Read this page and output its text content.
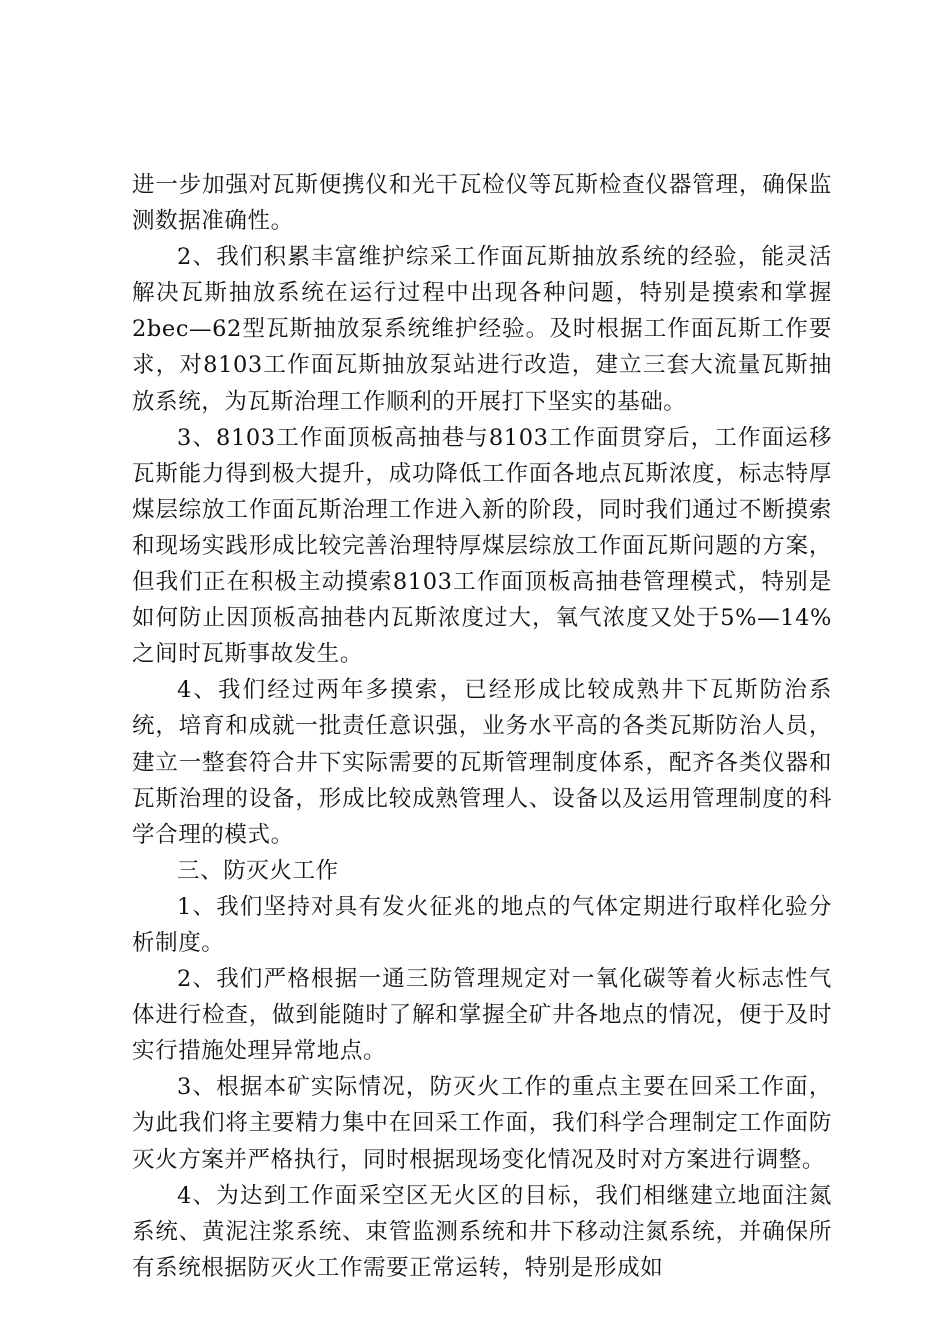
进一步加强对瓦斯便携仪和光干瓦检仪等瓦斯检查仪器管理，确保监测数据准确性。

2、我们积累丰富维护综采工作面瓦斯抽放系统的经验，能灵活解决瓦斯抽放系统在运行过程中出现各种问题，特别是摸索和掌握2bec—62型瓦斯抽放泵系统维护经验。及时根据工作面瓦斯工作要求，对8103工作面瓦斯抽放泵站进行改造，建立三套大流量瓦斯抽放系统，为瓦斯治理工作顺利的开展打下坚实的基础。

3、8103工作面顶板高抽巷与8103工作面贯穿后，工作面运移瓦斯能力得到极大提升，成功降低工作面各地点瓦斯浓度，标志特厚煤层综放工作面瓦斯治理工作进入新的阶段，同时我们通过不断摸索和现场实践形成比较完善治理特厚煤层综放工作面瓦斯问题的方案，但我们正在积极主动摸索8103工作面顶板高抽巷管理模式，特别是如何防止因顶板高抽巷内瓦斯浓度过大，氧气浓度又处于5%—14%之间时瓦斯事故发生。

4、我们经过两年多摸索，已经形成比较成熟井下瓦斯防治系统，培育和成就一批责任意识强，业务水平高的各类瓦斯防治人员，建立一整套符合井下实际需要的瓦斯管理制度体系，配齐各类仪器和瓦斯治理的设备，形成比较成熟管理人、设备以及运用管理制度的科学合理的模式。

三、防灭火工作

1、我们坚持对具有发火征兆的地点的气体定期进行取样化验分析制度。

2、我们严格根据一通三防管理规定对一氧化碳等着火标志性气体进行检查，做到能随时了解和掌握全矿井各地点的情况，便于及时实行措施处理异常地点。

3、根据本矿实际情况，防灭火工作的重点主要在回采工作面，为此我们将主要精力集中在回采工作面，我们科学合理制定工作面防灭火方案并严格执行，同时根据现场变化情况及时对方案进行调整。

4、为达到工作面采空区无火区的目标，我们相继建立地面注氮系统、黄泥注浆系统、束管监测系统和井下移动注氮系统，并确保所有系统根据防灭火工作需要正常运转，特别是形成如
